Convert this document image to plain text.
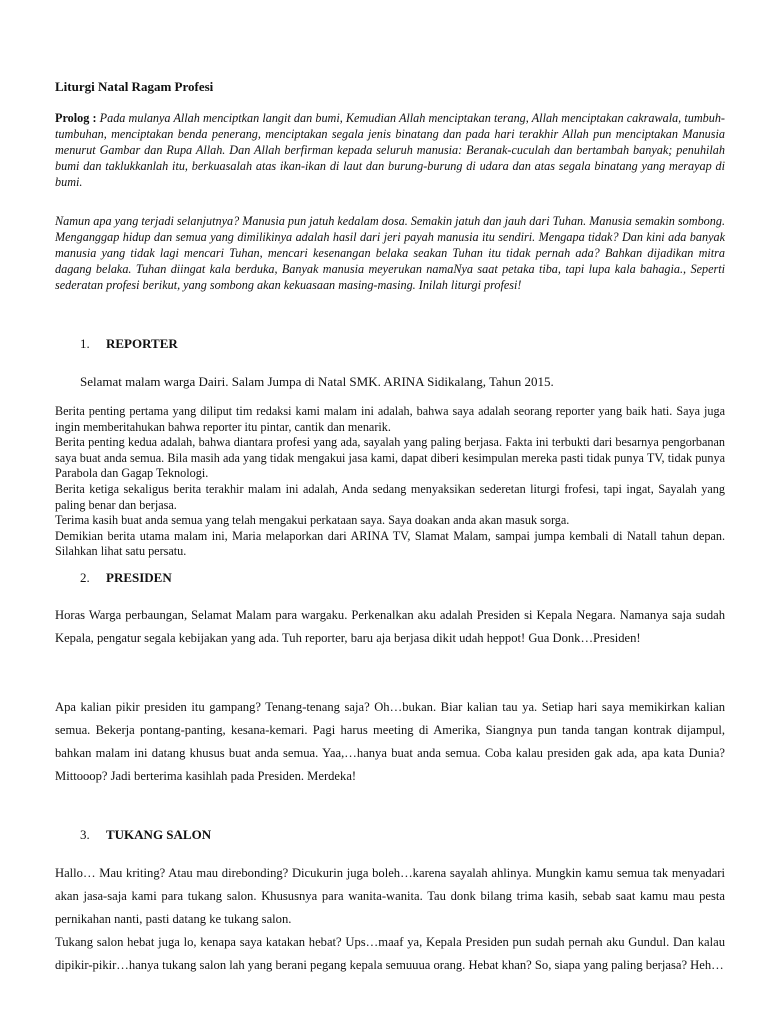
Liturgi Natal Ragam Profesi

Prolog : Pada mulanya Allah menciptkan langit dan bumi, Kemudian Allah menciptakan terang, Allah menciptakan cakrawala, tumbuh-tumbuhan, menciptakan benda penerang, menciptakan segala jenis binatang dan pada hari terakhir Allah pun menciptakan Manusia menurut Gambar dan Rupa Allah. Dan Allah berfirman kepada seluruh manusia: Beranak-cuculah dan bertambah banyak; penuhilah bumi dan taklukkanlah itu, berkuasalah atas ikan-ikan di laut dan burung-burung di udara dan atas segala binatang yang merayap di bumi.

Namun apa yang terjadi selanjutnya? Manusia pun jatuh kedalam dosa. Semakin jatuh dan jauh dari Tuhan. Manusia semakin sombong. Menganggap hidup dan semua yang dimilikinya adalah hasil dari jeri payah manusia itu sendiri. Mengapa tidak? Dan kini ada banyak manusia yang tidak lagi mencari Tuhan, mencari kesenangan belaka seakan Tuhan itu tidak pernah ada? Bahkan dijadikan mitra dagang belaka. Tuhan diingat kala berduka, Banyak manusia meyerukan namaNya saat petaka tiba, tapi lupa kala bahagia., Seperti sederatan profesi berikut, yang sombong akan kekuasaan masing-masing. Inilah liturgi profesi!

1. REPORTER

Selamat malam warga Dairi. Salam Jumpa di Natal SMK. ARINA Sidikalang, Tahun 2015.

Berita penting pertama yang diliput tim redaksi kami malam ini adalah, bahwa saya adalah seorang reporter yang baik hati. Saya juga ingin memberitahukan bahwa reporter itu pintar, cantik dan menarik.

Berita penting kedua adalah, bahwa diantara profesi yang ada, sayalah yang paling berjasa. Fakta ini terbukti dari besarnya pengorbanan saya buat anda semua. Bila masih ada yang tidak mengakui jasa kami, dapat diberi kesimpulan mereka pasti tidak punya TV, tidak punya Parabola dan Gagap Teknologi.

Berita ketiga sekaligus berita terakhir malam ini adalah, Anda sedang menyaksikan sederetan liturgi frofesi, tapi ingat, Sayalah yang paling benar dan berjasa.

Terima kasih buat anda semua yang telah mengakui perkataan saya. Saya doakan anda akan masuk sorga.

Demikian berita utama malam ini, Maria melaporkan dari ARINA TV, Slamat Malam, sampai jumpa kembali di Natall tahun depan. Silahkan lihat satu persatu.

2. PRESIDEN

Horas Warga perbaungan, Selamat Malam para wargaku. Perkenalkan aku adalah Presiden si Kepala Negara. Namanya saja sudah Kepala, pengatur segala kebijakan yang ada. Tuh reporter, baru aja berjasa dikit udah heppot! Gua Donk…Presiden!

Apa kalian pikir presiden itu gampang? Tenang-tenang saja? Oh…bukan. Biar kalian tau ya. Setiap hari saya memikirkan kalian semua. Bekerja pontang-panting, kesana-kemari. Pagi harus meeting di Amerika, Siangnya pun tanda tangan kontrak dijampul, bahkan malam ini datang khusus buat anda semua. Yaa,…hanya buat anda semua. Coba kalau presiden gak ada, apa kata Dunia? Mittooop? Jadi berterima kasihlah pada Presiden. Merdeka!

3. TUKANG SALON

Hallo… Mau kriting? Atau mau direbonding? Dicukurin juga boleh…karena sayalah ahlinya. Mungkin kamu semua tak menyadari akan jasa-saja kami para tukang salon. Khususnya para wanita-wanita. Tau donk bilang trima kasih, sebab saat kamu mau pesta pernikahan nanti, pasti datang ke tukang salon.

Tukang salon hebat juga lo, kenapa saya katakan hebat? Ups…maaf ya, Kepala Presiden pun sudah pernah aku Gundul. Dan kalau dipikir-pikir…hanya tukang salon lah yang berani pegang kepala semuuua orang. Hebat khan? So, siapa yang paling berjasa? Heh…
